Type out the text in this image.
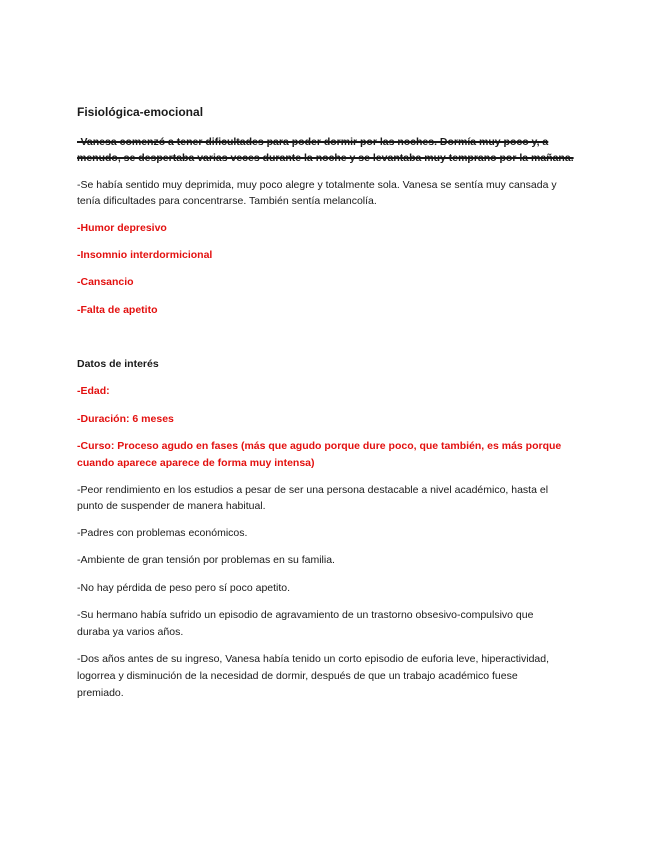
Fisiológica-emocional
-Vanesa comenzó a tener dificultades para poder dormir por las noches. Dormía muy poco y, a
menudo, se despertaba varias veces durante la noche y se levantaba muy temprano por la mañana.
-Se había sentido muy deprimida, muy poco alegre y totalmente sola. Vanesa se sentía muy cansada y
tenía dificultades para concentrarse. También sentía melancolía.
-Humor depresivo
-Insomnio interdormicional
-Cansancio
-Falta de apetito
Datos de interés
-Edad:
-Duración: 6 meses
-Curso: Proceso agudo en fases (más que agudo porque dure poco, que también, es más porque
cuando aparece aparece de forma muy intensa)
-Peor rendimiento en los estudios a pesar de ser una persona destacable a nivel académico, hasta el
punto de suspender de manera habitual.
-Padres con problemas económicos.
-Ambiente de gran tensión por problemas en su familia.
-No hay pérdida de peso pero sí poco apetito.
-Su hermano había sufrido un episodio de agravamiento de un trastorno obsesivo-compulsivo que
duraba ya varios años.
-Dos años antes de su ingreso, Vanesa había tenido un corto episodio de euforia leve, hiperactividad,
logorrea y disminución de la necesidad de dormir, después de que un trabajo académico fuese
premiado.
